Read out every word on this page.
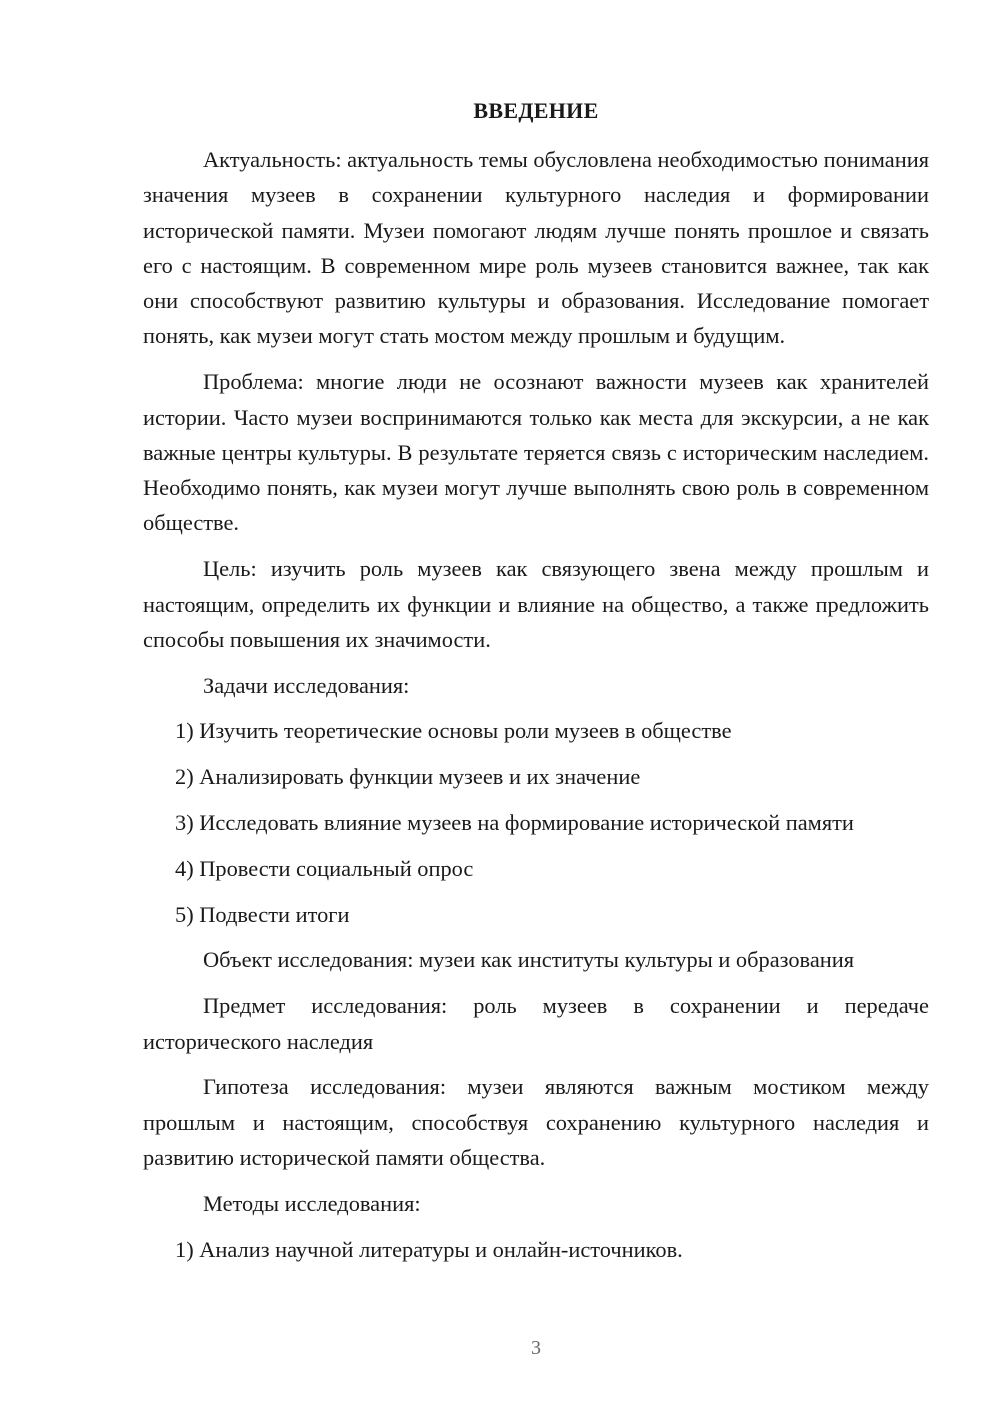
ВВЕДЕНИЕ

Актуальность: актуальность темы обусловлена необходимостью понимания значения музеев в сохранении культурного наследия и формировании исторической памяти. Музеи помогают людям лучше понять прошлое и связать его с настоящим. В современном мире роль музеев становится важнее, так как они способствуют развитию культуры и образования. Исследование помогает понять, как музеи могут стать мостом между прошлым и будущим.

Проблема: многие люди не осознают важности музеев как хранителей истории. Часто музеи воспринимаются только как места для экскурсии, а не как важные центры культуры. В результате теряется связь с историческим наследием. Необходимо понять, как музеи могут лучше выполнять свою роль в современном обществе.

Цель: изучить роль музеев как связующего звена между прошлым и настоящим, определить их функции и влияние на общество, а также предложить способы повышения их значимости.

Задачи исследования:

1) Изучить теоретические основы роли музеев в обществе

2) Анализировать функции музеев и их значение

3) Исследовать влияние музеев на формирование исторической памяти

4) Провести социальный опрос

5) Подвести итоги

Объект исследования: музеи как институты культуры и образования

Предмет исследования: роль музеев в сохранении и передаче исторического наследия

Гипотеза исследования: музеи являются важным мостиком между прошлым и настоящим, способствуя сохранению культурного наследия и развитию исторической памяти общества.

Методы исследования:

1) Анализ научной литературы и онлайн-источников.

3
